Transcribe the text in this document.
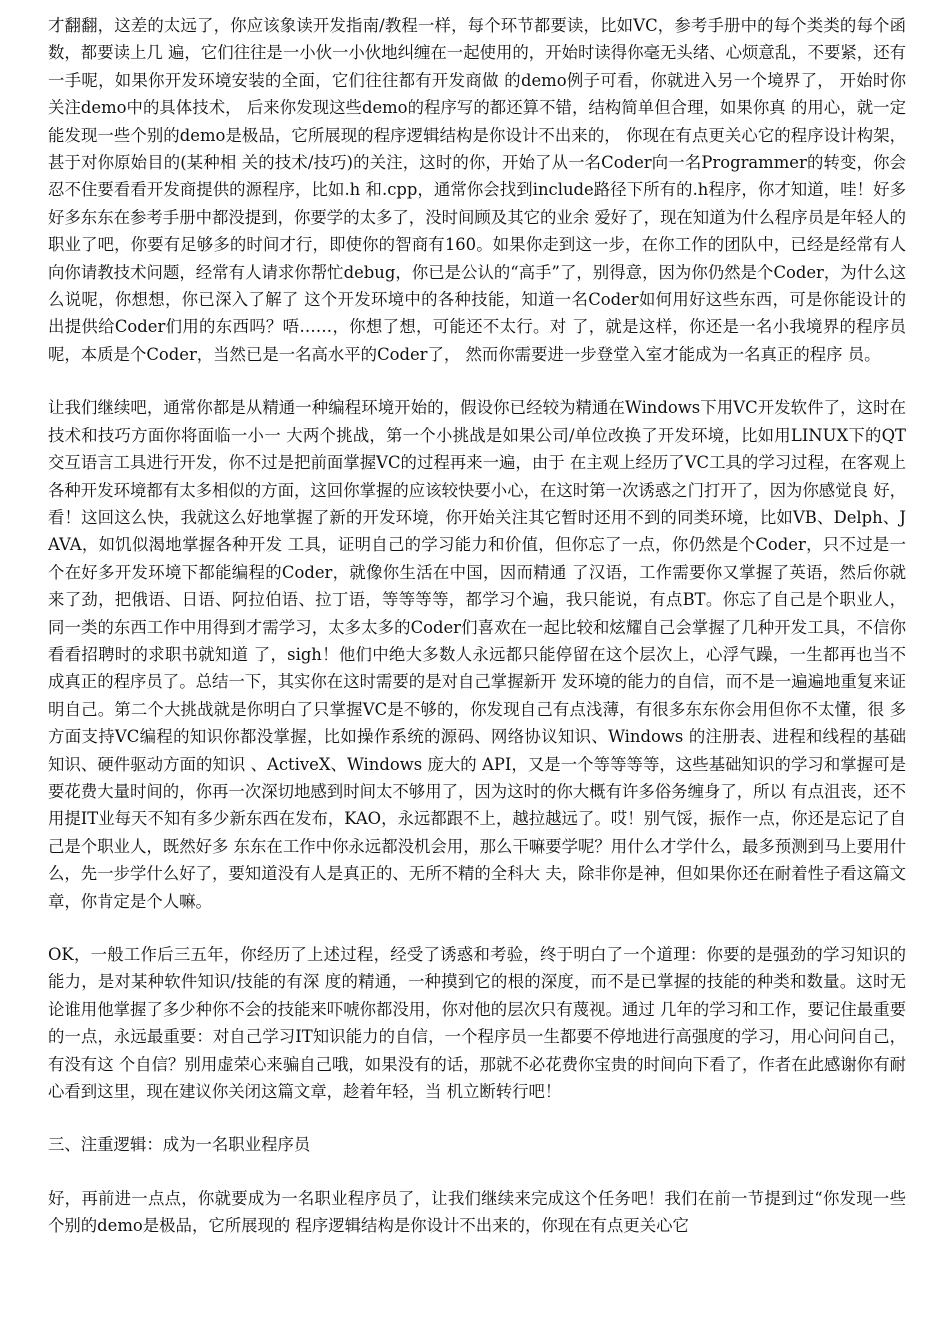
才翻翻，这差的太远了，你应该象读开发指南/教程一样，每个环节都要读，比如VC，参考手册中的每个类类的每个函数，都要读上几 遍，它们往往是一小伙一小伙地纠缠在一起使用的，开始时读得你毫无头绪、心烦意乱，不要紧，还有一手呢，如果你开发环境安装的全面，它们往往都有开发商做 的demo例子可看，你就进入另一个境界了， 开始时你关注demo中的具体技术， 后来你发现这些demo的程序写的都还算不错，结构简单但合理，如果你真 的用心，就一定能发现一些个别的demo是极品，它所展现的程序逻辑结构是你设计不出来的， 你现在有点更关心它的程序设计构架，甚于对你原始目的(某种相 关的技术/技巧)的关注，这时的你，开始了从一名Coder向一名Programmer的转变，你会忍不住要看看开发商提供的源程序，比如.h 和.cpp，通常你会找到include路径下所有的.h程序，你才知道，哇！好多好多东东在参考手册中都没提到，你要学的太多了，没时间顾及其它的业余 爱好了，现在知道为什么程序员是年轻人的职业了吧，你要有足够多的时间才行，即使你的智商有160。如果你走到这一步，在你工作的团队中，已经是经常有人 向你请教技术问题，经常有人请求你帮忙debug，你已是公认的“高手”了，别得意，因为你仍然是个Coder，为什么这么说呢，你想想，你已深入了解了 这个开发环境中的各种技能，知道一名Coder如何用好这些东西，可是你能设计的出提供给Coder们用的东西吗？唔……，你想了想，可能还不太行。对 了，就是这样，你还是一名小我境界的程序员呢，本质是个Coder，当然已是一名高水平的Coder了， 然而你需要进一步登堂入室才能成为一名真正的程序 员。

让我们继续吧，通常你都是从精通一种编程环境开始的，假设你已经较为精通在Windows下用VC开发软件了，这时在技术和技巧方面你将面临一小一 大两个挑战，第一个小挑战是如果公司/单位改换了开发环境，比如用LINUX下的QT交互语言工具进行开发，你不过是把前面掌握VC的过程再来一遍，由于 在主观上经历了VC工具的学习过程，在客观上各种开发环境都有太多相似的方面，这回你掌握的应该较快要小心，在这时第一次诱惑之门打开了，因为你感觉良 好，看！这回这么快，我就这么好地掌握了新的开发环境，你开始关注其它暂时还用不到的同类环境，比如VB、Delph、JAVA，如饥似渴地掌握各种开发 工具，证明自己的学习能力和价值，但你忘了一点，你仍然是个Coder，只不过是一个在好多开发环境下都能编程的Coder，就像你生活在中国，因而精通 了汉语，工作需要你又掌握了英语，然后你就来了劲，把俄语、日语、阿拉伯语、拉丁语，等等等等，都学习个遍，我只能说，有点BT。你忘了自己是个职业人， 同一类的东西工作中用得到才需学习，太多太多的Coder们喜欢在一起比较和炫耀自己会掌握了几种开发工具，不信你看看招聘时的求职书就知道 了，sigh！他们中绝大多数人永远都只能停留在这个层次上，心浮气躁，一生都再也当不成真正的程序员了。总结一下，其实你在这时需要的是对自己掌握新开 发环境的能力的自信，而不是一遍遍地重复来证明自己。第二个大挑战就是你明白了只掌握VC是不够的，你发现自己有点浅薄，有很多东东你会用但你不太懂，很 多方面支持VC编程的知识你都没掌握，比如操作系统的源码、网络协议知识、Windows 的注册表、进程和线程的基础知识、硬件驱动方面的知识 、ActiveX、Windows 庞大的 API，又是一个等等等等，这些基础知识的学习和掌握可是要花费大量时间的，你再一次深切地感到时间太不够用了，因为这时的你大概有许多俗务缠身了，所以 有点沮丧，还不用提IT业每天不知有多少新东西在发布，KAO，永远都跟不上，越拉越远了。哎！别气馁，振作一点，你还是忘记了自己是个职业人，既然好多 东东在工作中你永远都没机会用，那么干嘛要学呢？用什么才学什么，最多预测到马上要用什么，先一步学什么好了，要知道没有人是真正的、无所不精的全科大 夫，除非你是神，但如果你还在耐着性子看这篇文章，你肯定是个人嘛。

OK，一般工作后三五年，你经历了上述过程，经受了诱惑和考验，终于明白了一个道理：你要的是强劲的学习知识的能力，是对某种软件知识/技能的有深 度的精通，一种摸到它的根的深度，而不是已掌握的技能的种类和数量。这时无论谁用他掌握了多少种你不会的技能来吓唬你都没用，你对他的层次只有蔑视。通过 几年的学习和工作，要记住最重要的一点，永远最重要：对自己学习IT知识能力的自信，一个程序员一生都要不停地进行高强度的学习，用心问问自己，有没有这 个自信？别用虚荣心来骗自己哦，如果没有的话，那就不必花费你宝贵的时间向下看了，作者在此感谢你有耐心看到这里，现在建议你关闭这篇文章，趁着年轻，当 机立断转行吧！

三、注重逻辑：成为一名职业程序员

好，再前进一点点，你就要成为一名职业程序员了，让我们继续来完成这个任务吧！我们在前一节提到过“你发现一些个别的demo是极品，它所展现的 程序逻辑结构是你设计不出来的，你现在有点更关心它
